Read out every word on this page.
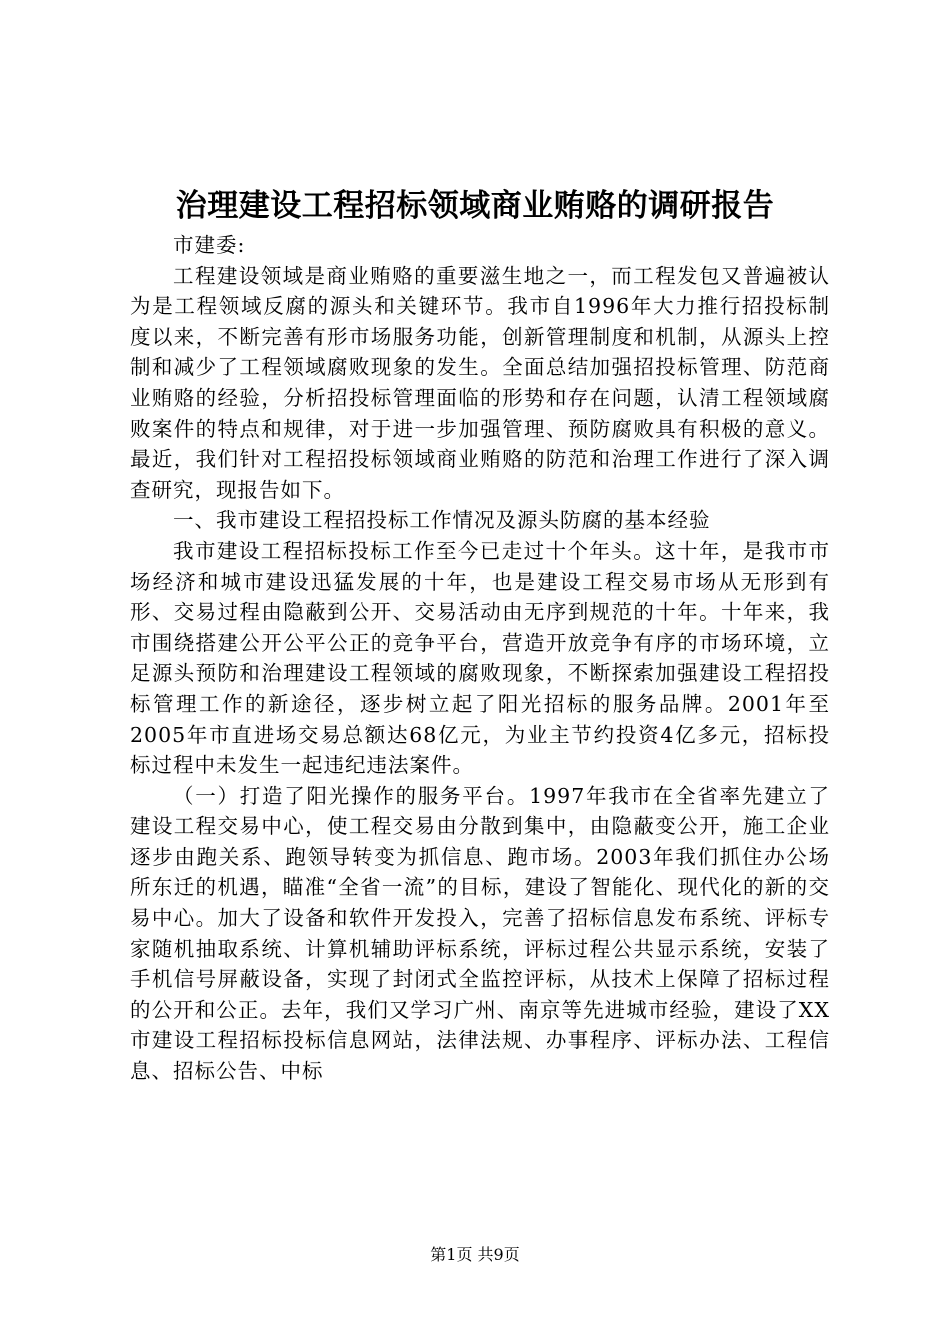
治理建设工程招标领域商业贿赂的调研报告

市建委:

工程建设领域是商业贿赂的重要滋生地之一，而工程发包又普遍被认为是工程领域反腐的源头和关键环节。我市自1996年大力推行招投标制度以来，不断完善有形市场服务功能，创新管理制度和机制，从源头上控制和减少了工程领域腐败现象的发生。全面总结加强招投标管理、防范商业贿赂的经验，分析招投标管理面临的形势和存在问题，认清工程领域腐败案件的特点和规律，对于进一步加强管理、预防腐败具有积极的意义。最近，我们针对工程招投标领域商业贿赂的防范和治理工作进行了深入调查研究，现报告如下。

一、我市建设工程招投标工作情况及源头防腐的基本经验

我市建设工程招标投标工作至今已走过十个年头。这十年，是我市市场经济和城市建设迅猛发展的十年，也是建设工程交易市场从无形到有形、交易过程由隐蔽到公开、交易活动由无序到规范的十年。十年来，我市围绕搭建公开公平公正的竞争平台，营造开放竞争有序的市场环境，立足源头预防和治理建设工程领域的腐败现象，不断探索加强建设工程招投标管理工作的新途径，逐步树立起了阳光招标的服务品牌。2001年至2005年市直进场交易总额达68亿元，为业主节约投资4亿多元，招标投标过程中未发生一起违纪违法案件。

（一）打造了阳光操作的服务平台。1997年我市在全省率先建立了建设工程交易中心，使工程交易由分散到集中，由隐蔽变公开，施工企业逐步由跑关系、跑领导转变为抓信息、跑市场。2003年我们抓住办公场所东迁的机遇，瞄准“全省一流”的目标，建设了智能化、现代化的新的交易中心。加大了设备和软件开发投入，完善了招标信息发布系统、评标专家随机抽取系统、计算机辅助评标系统，评标过程公共显示系统，安装了手机信号屏蔽设备，实现了封闭式全监控评标，从技术上保障了招标过程的公开和公正。去年，我们又学习广州、南京等先进城市经验，建设了XX市建设工程招标投标信息网站，法律法规、办事程序、评标办法、工程信息、招标公告、中标

第1页 共9页
